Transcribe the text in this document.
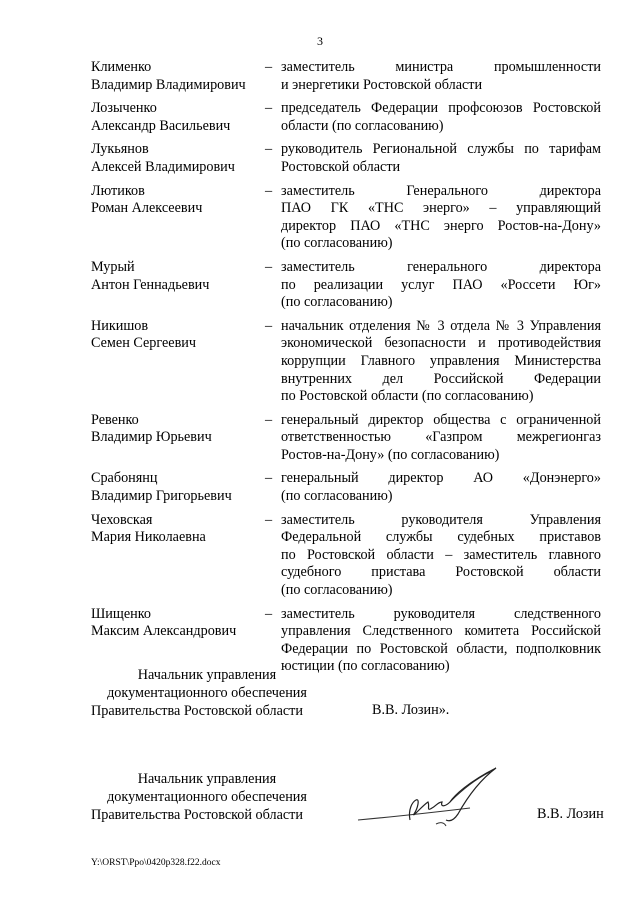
3
Клименко
Владимир Владимирович
– заместитель министра промышленности
и энергетики Ростовской области
Лозыченко
Александр Васильевич
– председатель Федерации профсоюзов Ростовской
области (по согласованию)
Лукьянов
Алексей Владимирович
– руководитель Региональной службы по тарифам
Ростовской области
Лютиков
Роман Алексеевич
– заместитель Генерального директора
ПАО ГК «ТНС энерго» – управляющий
директор ПАО «ТНС энерго Ростов-на-Дону»
(по согласованию)
Мурый
Антон Геннадьевич
– заместитель генерального директора
по реализации услуг ПАО «Россети Юг»
(по согласованию)
Никишов
Семен Сергеевич
– начальник отделения № 3 отдела № 3 Управления
экономической безопасности и противодействия
коррупции Главного управления Министерства
внутренних дел Российской Федерации
по Ростовской области (по согласованию)
Ревенко
Владимир Юрьевич
– генеральный директор общества с ограниченной
ответственностью «Газпром межрегионгаз
Ростов-на-Дону» (по согласованию)
Срабонянц
Владимир Григорьевич
– генеральный директор АО «Донэнерго»
(по согласованию)
Чеховская
Мария Николаевна
– заместитель руководителя Управления
Федеральной службы судебных приставов
по Ростовской области – заместитель главного
судебного пристава Ростовской области
(по согласованию)
Шищенко
Максим Александрович
– заместитель руководителя следственного
управления Следственного комитета Российской
Федерации по Ростовской области, подполковник
юстиции (по согласованию)
Начальник управления
документационного обеспечения
Правительства Ростовской области	В.В. Лозин».
Начальник управления
документационного обеспечения
Правительства Ростовской области	В.В. Лозин
Y:\ORST\Ppo\0420p328.f22.docx
